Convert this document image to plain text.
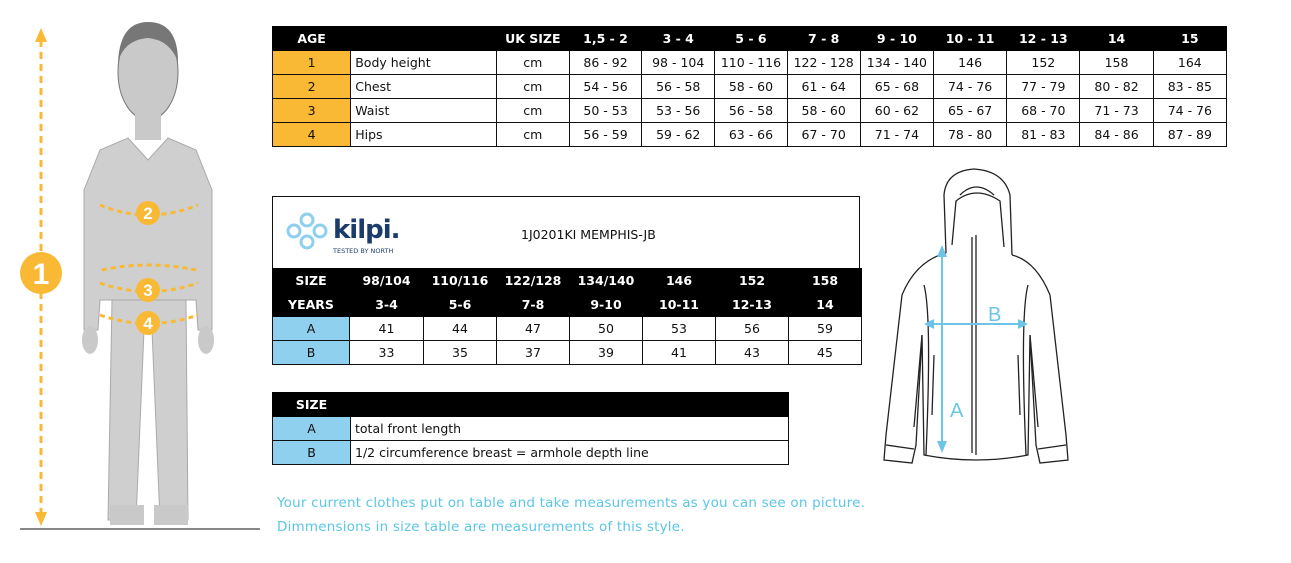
1
2
3
4
AGE		UK SIZE	1,5 - 2	3 - 4	5 - 6	7 - 8	9 - 10	10 - 11	12 - 13	14	15
1	Body height	cm	86 - 92	98 - 104	110 - 116	122 - 128	134 - 140	146	152	158	164
2	Chest	cm	54 - 56	56 - 58	58 - 60	61 - 64	65 - 68	74 - 76	77 - 79	80 - 82	83 - 85
3	Waist	cm	50 - 53	53 - 56	56 - 58	58 - 60	60 - 62	65 - 67	68 - 70	71 - 73	74 - 76
4	Hips	cm	56 - 59	59 - 62	63 - 66	67 - 70	71 - 74	78 - 80	81 - 83	84 - 86	87 - 89
kilpi.
TESTED BY NORTH
1J0201KI MEMPHIS-JB
SIZE	98/104	110/116	122/128	134/140	146	152	158
YEARS	3-4	5-6	7-8	9-10	10-11	12-13	14
A	41	44	47	50	53	56	59
B	33	35	37	39	41	43	45
SIZE	
A	total front length
B	1/2 circumference breast = armhole depth line
A
B
Your current clothes put on table and take measurements as you can see on picture.
Dimmensions in size table are measurements of this style.
